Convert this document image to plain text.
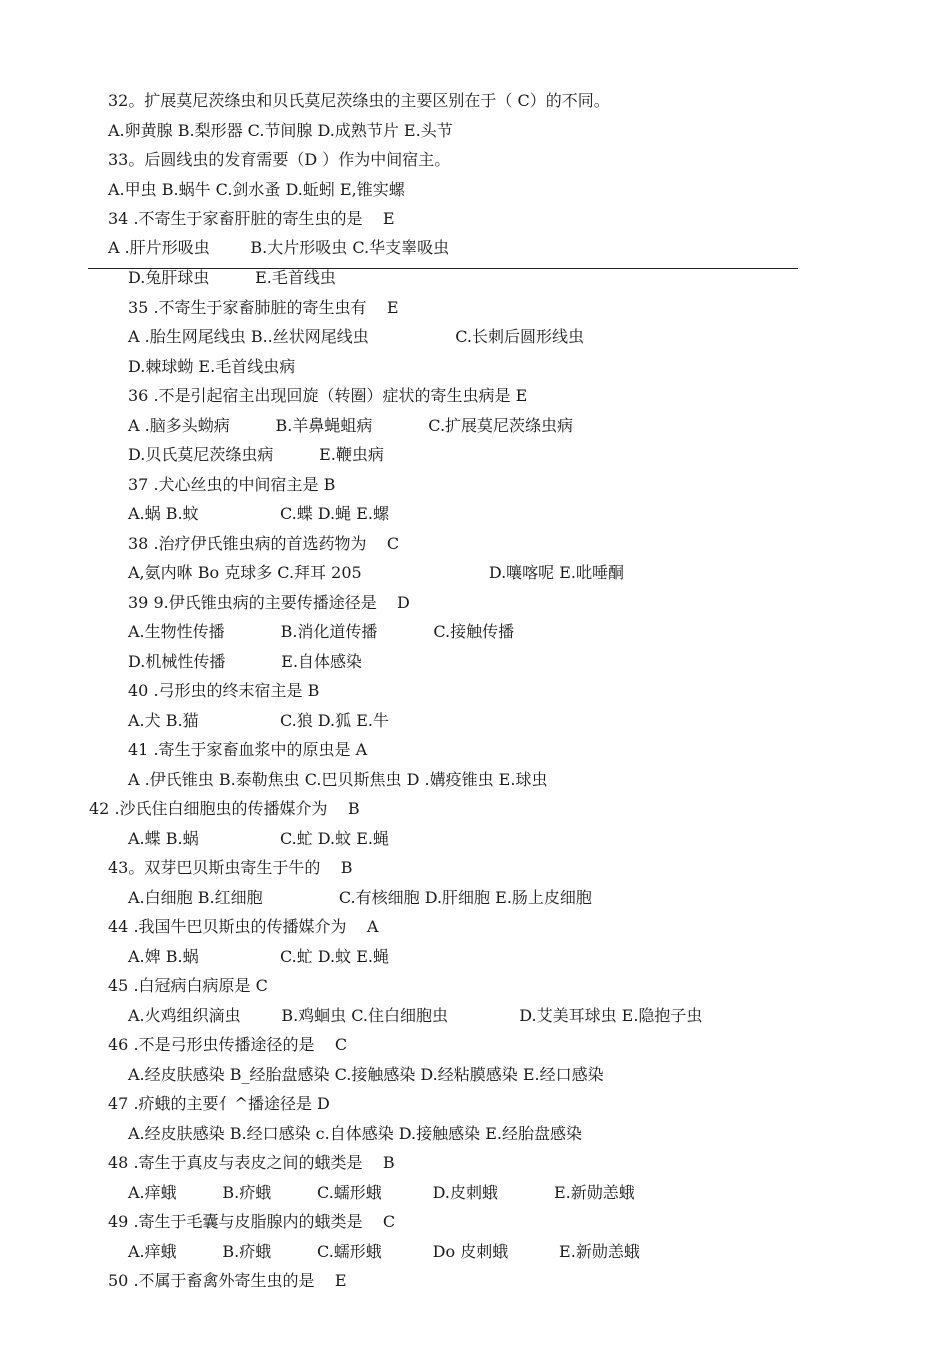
32。扩展莫尼茨绦虫和贝氏莫尼茨绦虫的主要区别在于（ C）的不同。
A.卵黄腺 B.梨形器 C.节间腺 D.成熟节片 E.头节
33。后圆线虫的发育需要（D ）作为中间宿主。
A.甲虫 B.蜗牛 C.剑水蚤 D.蚯蚓 E,锥实螺
34 .不寄生于家畜肝脏的寄生虫的是    E
A .肝片形吸虫        B.大片形吸虫 C.华支睾吸虫
D.兔肝球虫         E.毛首线虫
35 .不寄生于家畜肺脏的寄生虫有    E
A .胎生网尾线虫 B..丝状网尾线虫                 C.长刺后圆形线虫
D.棘球蚴 E.毛首线虫病
36 .不是引起宿主出现回旋（转圈）症状的寄生虫病是 E
A .脑多头蚴病         B.羊鼻蝇蛆病           C.扩展莫尼茨绦虫病
D.贝氏莫尼茨绦虫病         E.鞭虫病
37 .犬心丝虫的中间宿主是 B
A.蜗 B.蚊                C.蝶 D.蝇 E.螺
38 .治疗伊氏锥虫病的首选药物为    C
A,氨内咻 Bo 克球多 C.拜耳 205                         D.嚷喀呢 E.吡唾酮
39 9.伊氏锥虫病的主要传播途径是    D
A.生物性传播           B.消化道传播           C.接触传播
D.机械性传播           E.自体感染
40 .弓形虫的终末宿主是 B
A.犬 B.猫                C.狼 D.狐 E.牛
41 .寄生于家畜血浆中的原虫是 A
A .伊氏锥虫 B.泰勒焦虫 C.巴贝斯焦虫 D .媾疫锥虫 E.球虫
42 .沙氏住白细胞虫的传播媒介为    B
A.蝶 B.蜗                C.虻 D.蚊 E.蝇
43。双芽巴贝斯虫寄生于牛的    B
A.白细胞 B.红细胞               C.有核细胞 D.肝细胞 E.肠上皮细胞
44 .我国牛巴贝斯虫的传播媒介为    A
A.婢 B.蜗                C.虻 D.蚊 E.蝇
45 .白冠病白病原是 C
A.火鸡组织滴虫        B.鸡蛔虫 C.住白细胞虫              D.艾美耳球虫 E.隐抱子虫
46 .不是弓形虫传播途径的是    C
A.经皮肤感染 B_经胎盘感染 C.接触感染 D.经粘膜感染 E.经口感染
47 .疥蛾的主要亻^播途径是 D
A.经皮肤感染 B.经口感染 c.自体感染 D.接触感染 E.经胎盘感染
48 .寄生于真皮与表皮之间的蛾类是    B
A.痒蛾         B.疥蛾         C.蠕形蛾          D.皮刺蛾           E.新勋恙蛾
49 .寄生于毛囊与皮脂腺内的蛾类是    C
A.痒蛾         B.疥蛾         C.蠕形蛾          Do 皮刺蛾          E.新勋恙蛾
50 .不属于畜禽外寄生虫的是    E
